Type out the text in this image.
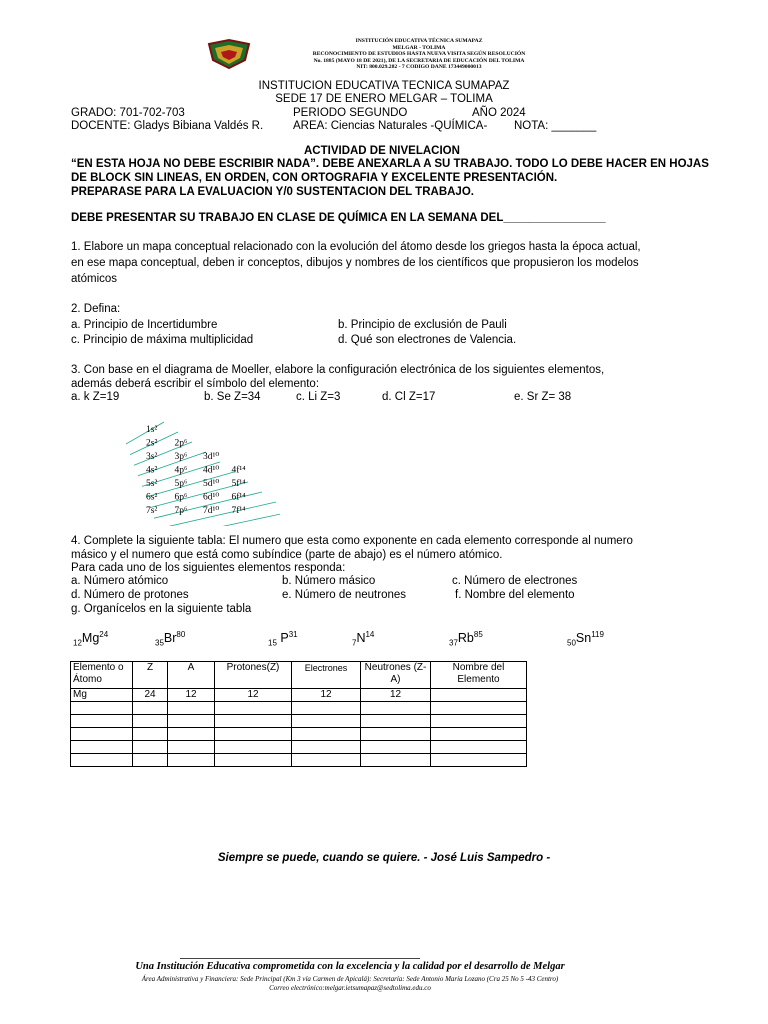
INSTITUCIÓN EDUCATIVA TÉCNICA SUMAPAZ
MELGAR - TOLIMA
RECONOCIMIENTO DE ESTUDIOS HASTA NUEVA VISITA SEGÚN RESOLUCIÓN
No. 1885 (MAYO 18 DE 2021), DE LA SECRETARIA DE EDUCACIÓN DEL TOLIMA
NIT: 800.029.282 - 7 CODIGO DANE 173449000013
INSTITUCION EDUCATIVA TECNICA SUMAPAZ
SEDE 17 DE ENERO MELGAR – TOLIMA
GRADO: 701-702-703	PERIODO SEGUNDO	AÑO 2024
DOCENTE: Gladys Bibiana Valdés R.	AREA: Ciencias Naturales -QUÍMICA- NOTA: _______
ACTIVIDAD DE NIVELACION
“EN ESTA HOJA NO DEBE ESCRIBIR NADA”. DEBE ANEXARLA A SU TRABAJO. TODO LO DEBE HACER EN HOJAS
DE BLOCK SIN LINEAS, EN ORDEN, CON ORTOGRAFIA Y EXCELENTE PRESENTACIÓN.
PREPARASE PARA LA EVALUACION Y/0 SUSTENTACION DEL TRABAJO.
DEBE PRESENTAR SU TRABAJO EN CLASE DE QUÍMICA EN LA SEMANA DEL________________
1. Elabore un mapa conceptual relacionado con la evolución del átomo desde los griegos hasta la época actual,
en ese mapa conceptual, deben ir conceptos, dibujos y nombres de los científicos que propusieron los modelos
atómicos
2. Defina:
a. Principio de Incertidumbre	b. Principio de exclusión de Pauli
c. Principio de máxima multiplicidad	d. Qué son electrones de Valencia.
3. Con base en el diagrama de Moeller, elabore la configuración electrónica de los siguientes elementos,
además deberá escribir el símbolo del elemento:
a. k Z=19	b. Se Z=34	c. Li Z=3	d. Cl Z=17	e. Sr Z= 38
1s²
2s² 2p⁶
3s² 3p⁶ 3d¹⁰
4s² 4p⁶ 4d¹⁰ 4f¹⁴
5s² 5p⁶ 5d¹⁰ 5f¹⁴
6s² 6p⁶ 6d¹⁰ 6f¹⁴
7s² 7p⁶ 7d¹⁰ 7f¹⁴
4. Complete la siguiente tabla: El numero que esta como exponente en cada elemento corresponde al numero
másico y el numero que está como subíndice (parte de abajo) es el número atómico.
Para cada uno de los siguientes elementos responda:
a. Número atómico	b. Número másico	c. Número de electrones
d. Número de protones	e. Número de neutrones	f. Nombre del elemento
g. Organícelos en la siguiente tabla
$_{12}Mg^{24}$
$_{35}Br^{80}$
$_{15}$ $P^{31}$
$_7N^{14}$
$_{37}Rb^{85}$
$_{50}Sn^{119}$
Elemento o Átomo	Z	A	Protones(Z)	Electrones	Neutrones (Z-A)	Nombre del Elemento
Mg	24	12	12	12	12	

Siempre se puede, cuando se quiere. - José Luis Sampedro -
Una Institución Educativa comprometida con la excelencia y la calidad por el desarrollo de Melgar
Área Administrativa y Financiera: Sede Principal (Km 3 vía Carmen de Apicalá): Secretaría: Sede Antonio María Lozano (Cra 25 No 5 -43 Centro)
Correo electrónico:melgar.ietsumapaz@sedtolima.edu.co
